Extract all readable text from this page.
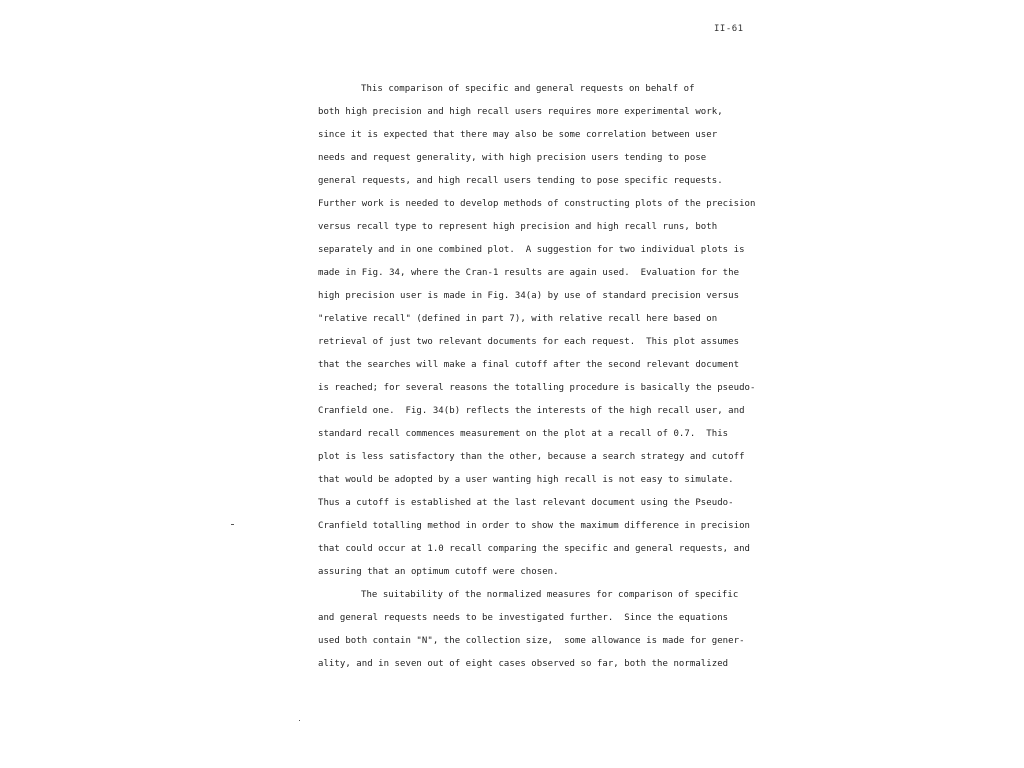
II-61
This comparison of specific and general requests on behalf of
both high precision and high recall users requires more experimental work,
since it is expected that there may also be some correlation between user
needs and request generality, with high precision users tending to pose
general requests, and high recall users tending to pose specific requests.
Further work is needed to develop methods of constructing plots of the precision
versus recall type to represent high precision and high recall runs, both
separately and in one combined plot.  A suggestion for two individual plots is
made in Fig. 34, where the Cran-1 results are again used.  Evaluation for the
high precision user is made in Fig. 34(a) by use of standard precision versus
"relative recall" (defined in part 7), with relative recall here based on
retrieval of just two relevant documents for each request.  This plot assumes
that the searches will make a final cutoff after the second relevant document
is reached; for several reasons the totalling procedure is basically the pseudo-
Cranfield one.  Fig. 34(b) reflects the interests of the high recall user, and
standard recall commences measurement on the plot at a recall of 0.7.  This
plot is less satisfactory than the other, because a search strategy and cutoff
that would be adopted by a user wanting high recall is not easy to simulate.
Thus a cutoff is established at the last relevant document using the Pseudo-
Cranfield totalling method in order to show the maximum difference in precision
that could occur at 1.0 recall comparing the specific and general requests, and
assuring that an optimum cutoff were chosen.
The suitability of the normalized measures for comparison of specific
and general requests needs to be investigated further.  Since the equations
used both contain "N", the collection size,  some allowance is made for gener-
ality, and in seven out of eight cases observed so far, both the normalized
